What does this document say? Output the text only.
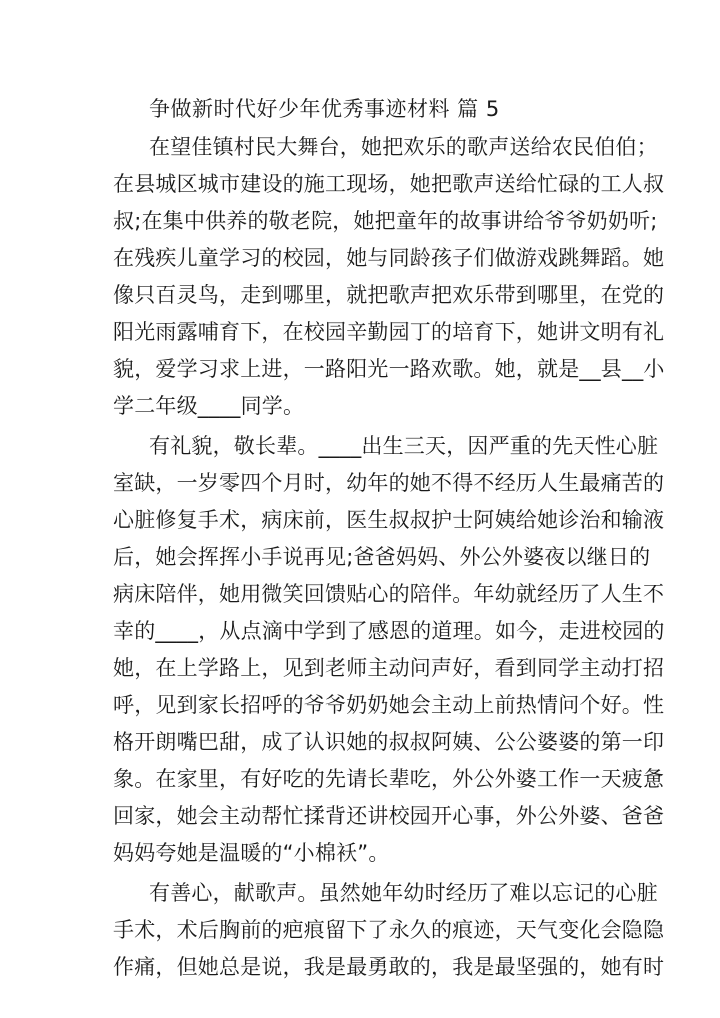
争做新时代好少年优秀事迹材料 篇 5
在望佳镇村民大舞台，她把欢乐的歌声送给农民伯伯；
在县城区城市建设的施工现场，她把歌声送给忙碌的工人叔
叔;在集中供养的敬老院，她把童年的故事讲给爷爷奶奶听;
在残疾儿童学习的校园，她与同龄孩子们做游戏跳舞蹈。她
像只百灵鸟，走到哪里，就把歌声把欢乐带到哪里，在党的
阳光雨露哺育下，在校园辛勤园丁的培育下，她讲文明有礼
貌，爱学习求上进，一路阳光一路欢歌。她，就是__县__小
学二年级____同学。
有礼貌，敬长辈。____出生三天，因严重的先天性心脏
室缺，一岁零四个月时，幼年的她不得不经历人生最痛苦的
心脏修复手术，病床前，医生叔叔护士阿姨给她诊治和输液
后，她会挥挥小手说再见;爸爸妈妈、外公外婆夜以继日的
病床陪伴，她用微笑回馈贴心的陪伴。年幼就经历了人生不
幸的____，从点滴中学到了感恩的道理。如今，走进校园的
她，在上学路上，见到老师主动问声好，看到同学主动打招
呼，见到家长招呼的爷爷奶奶她会主动上前热情问个好。性
格开朗嘴巴甜，成了认识她的叔叔阿姨、公公婆婆的第一印
象。在家里，有好吃的先请长辈吃，外公外婆工作一天疲惫
回家，她会主动帮忙揉背还讲校园开心事，外公外婆、爸爸
妈妈夸她是温暖的“小棉袄”。
有善心，献歌声。虽然她年幼时经历了难以忘记的心脏
手术，术后胸前的疤痕留下了永久的痕迹，天气变化会隐隐
作痛，但她总是说，我是最勇敢的，我是最坚强的，她有时
